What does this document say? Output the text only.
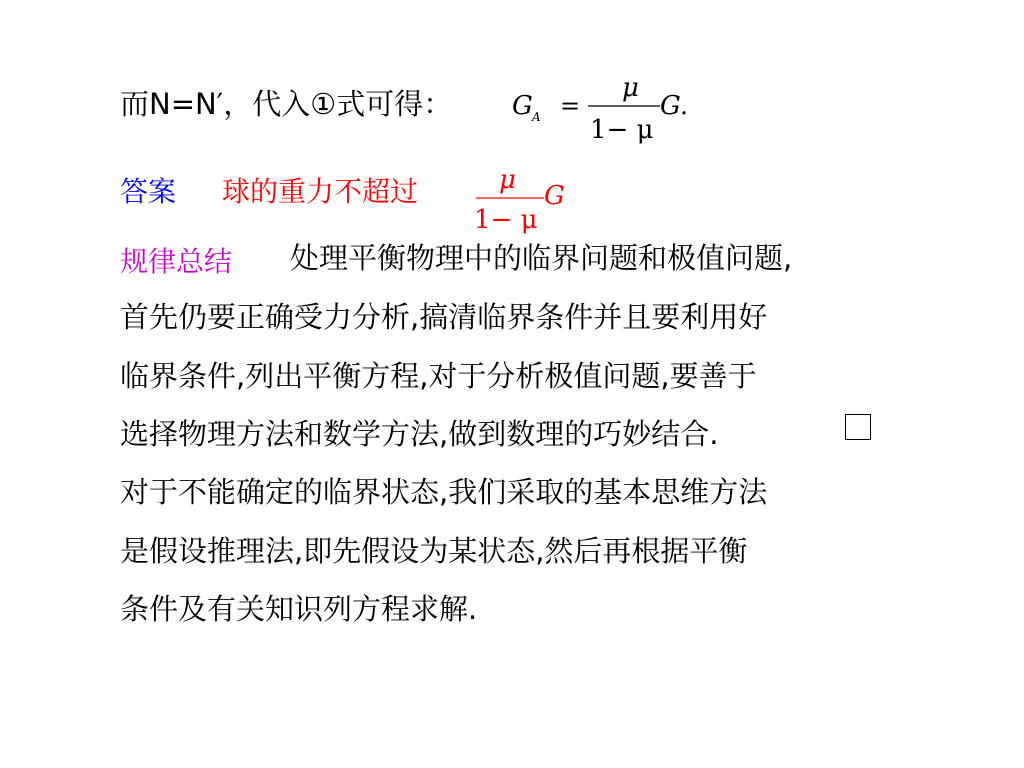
而N=N′，代入①式可得： G A =
μ
1− μ
G.
答案 球的重力不超过	μ
1− μ
G
规律总结 处理平衡物理中的临界问题和极值问题,
首先仍要正确受力分析,搞清临界条件并且要利用好
临界条件,列出平衡方程,对于分析极值问题,要善于
选择物理方法和数学方法,做到数理的巧妙结合.
对于不能确定的临界状态,我们采取的基本思维方法
是假设推理法,即先假设为某状态,然后再根据平衡
条件及有关知识列方程求解.
